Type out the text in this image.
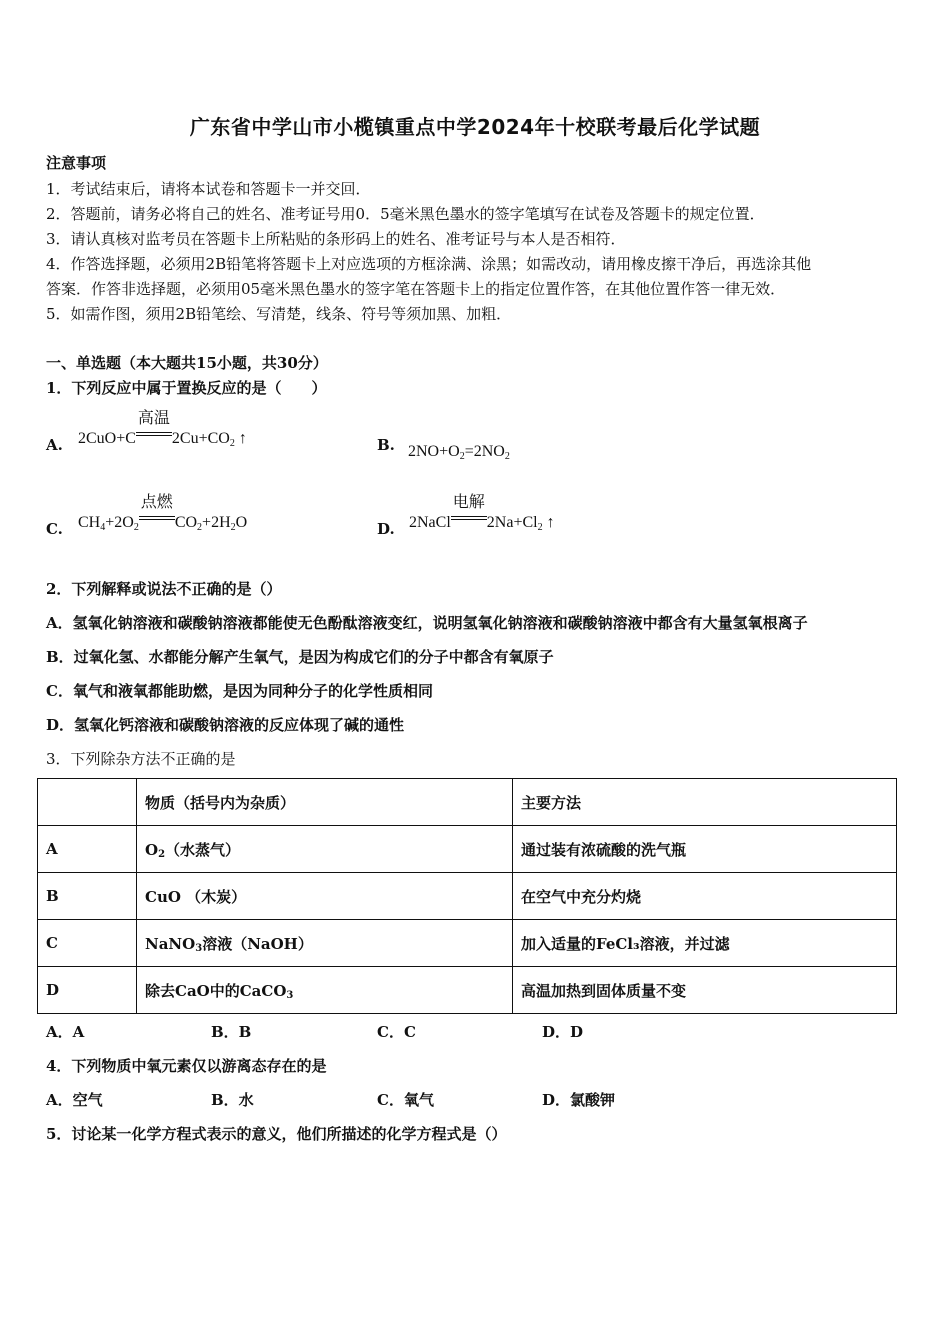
广东省中学山市小榄镇重点中学2024年十校联考最后化学试题
注意事项
1．考试结束后，请将本试卷和答题卡一并交回．
2．答题前，请务必将自己的姓名、准考证号用0．5毫米黑色墨水的签字笔填写在试卷及答题卡的规定位置．
3．请认真核对监考员在答题卡上所粘贴的条形码上的姓名、准考证号与本人是否相符．
4．作答选择题，必须用2B铅笔将答题卡上对应选项的方框涂满、涂黑；如需改动，请用橡皮擦干净后，再选涂其他
答案．作答非选择题，必须用05毫米黑色墨水的签字笔在答题卡上的指定位置作答，在其他位置作答一律无效．
5．如需作图，须用2B铅笔绘、写清楚，线条、符号等须加黑、加粗．
一、单选题（本大题共15小题，共30分）
1．下列反应中属于置换反应的是（　　）
A. 2CuO+C
高温
$2Cu+CO_2$ ↑	B. $2NO+O_2=2NO_2$
C. $CH_4+2O_2$
点燃
$CO_2+2H_2O$	D. 2NaCl
电解
$2Na+Cl_2$ ↑
2．下列解释或说法不正确的是（）
A．氢氧化钠溶液和碳酸钠溶液都能使无色酚酞溶液变红，说明氢氧化钠溶液和碳酸钠溶液中都含有大量氢氧根离子
B．过氧化氢、水都能分解产生氧气，是因为构成它们的分子中都含有氧原子
C．氧气和液氧都能助燃，是因为同种分子的化学性质相同
D．氢氧化钙溶液和碳酸钠溶液的反应体现了碱的通性
3．下列除杂方法不正确的是
	物质（括号内为杂质）	主要方法
A	O2（水蒸气）	通过装有浓硫酸的洗气瓶
B	CuO （木炭）	在空气中充分灼烧
C	NaNO3溶液（NaOH）	加入适量的FeCl₃溶液，并过滤
D	除去CaO中的CaCO3	高温加热到固体质量不变
A．A	B．B	C．C	D．D
4．下列物质中氧元素仅以游离态存在的是
A．空气	B．水	C．氧气	D．氯酸钾
5．讨论某一化学方程式表示的意义，他们所描述的化学方程式是（）
